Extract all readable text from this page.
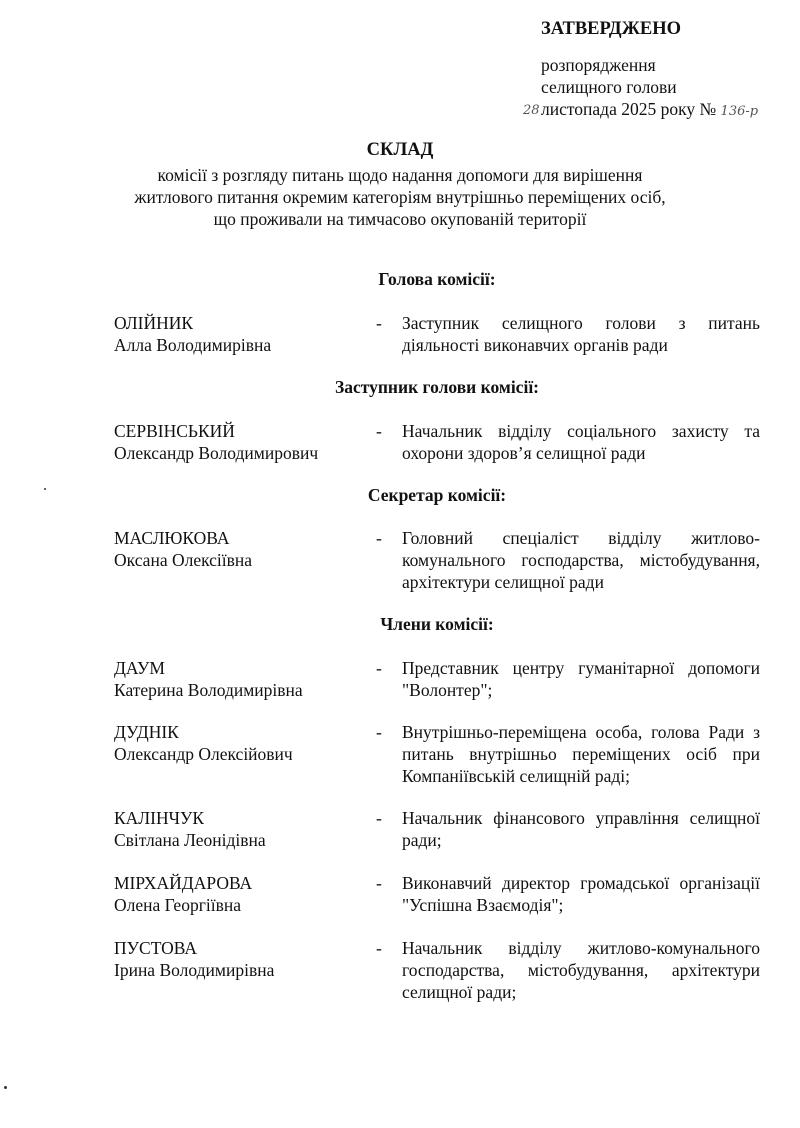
ЗАТВЕРДЖЕНО
розпорядження
селищного голови
28 листопада 2025 року № 136-р
СКЛАД
комісії з розгляду питань щодо надання допомоги для вирішення
житлового питання окремим категоріям внутрішньо переміщених осіб,
що проживали на тимчасово окупованій території
Голова комісії:
ОЛІЙНИК
Алла Володимирівна
- Заступник селищного голови з питань діяльності виконавчих органів ради
Заступник голови комісії:
СЕРВІНСЬКИЙ
Олександр Володимирович
- Начальник відділу соціального захисту та охорони здоров’я селищної ради
Секретар комісії:
МАСЛЮКОВА
Оксана Олексіївна
- Головний спеціаліст відділу житлово-комунального господарства, містобудування, архітектури селищної ради
Члени комісії:
ДАУМ
Катерина Володимирівна
- Представник центру гуманітарної допомоги "Волонтер";
ДУДНІК
Олександр Олексійович
- Внутрішньо-переміщена особа, голова Ради з питань внутрішньо переміщених осіб при Компаніївській селищній раді;
КАЛІНЧУК
Світлана Леонідівна
- Начальник фінансового управління селищної ради;
МІРХАЙДАРОВА
Олена Георгіївна
- Виконавчий директор громадської організації "Успішна Взаємодія";
ПУСТОВА
Ірина Володимирівна
- Начальник відділу житлово-комунального господарства, містобудування, архітектури селищної ради;
